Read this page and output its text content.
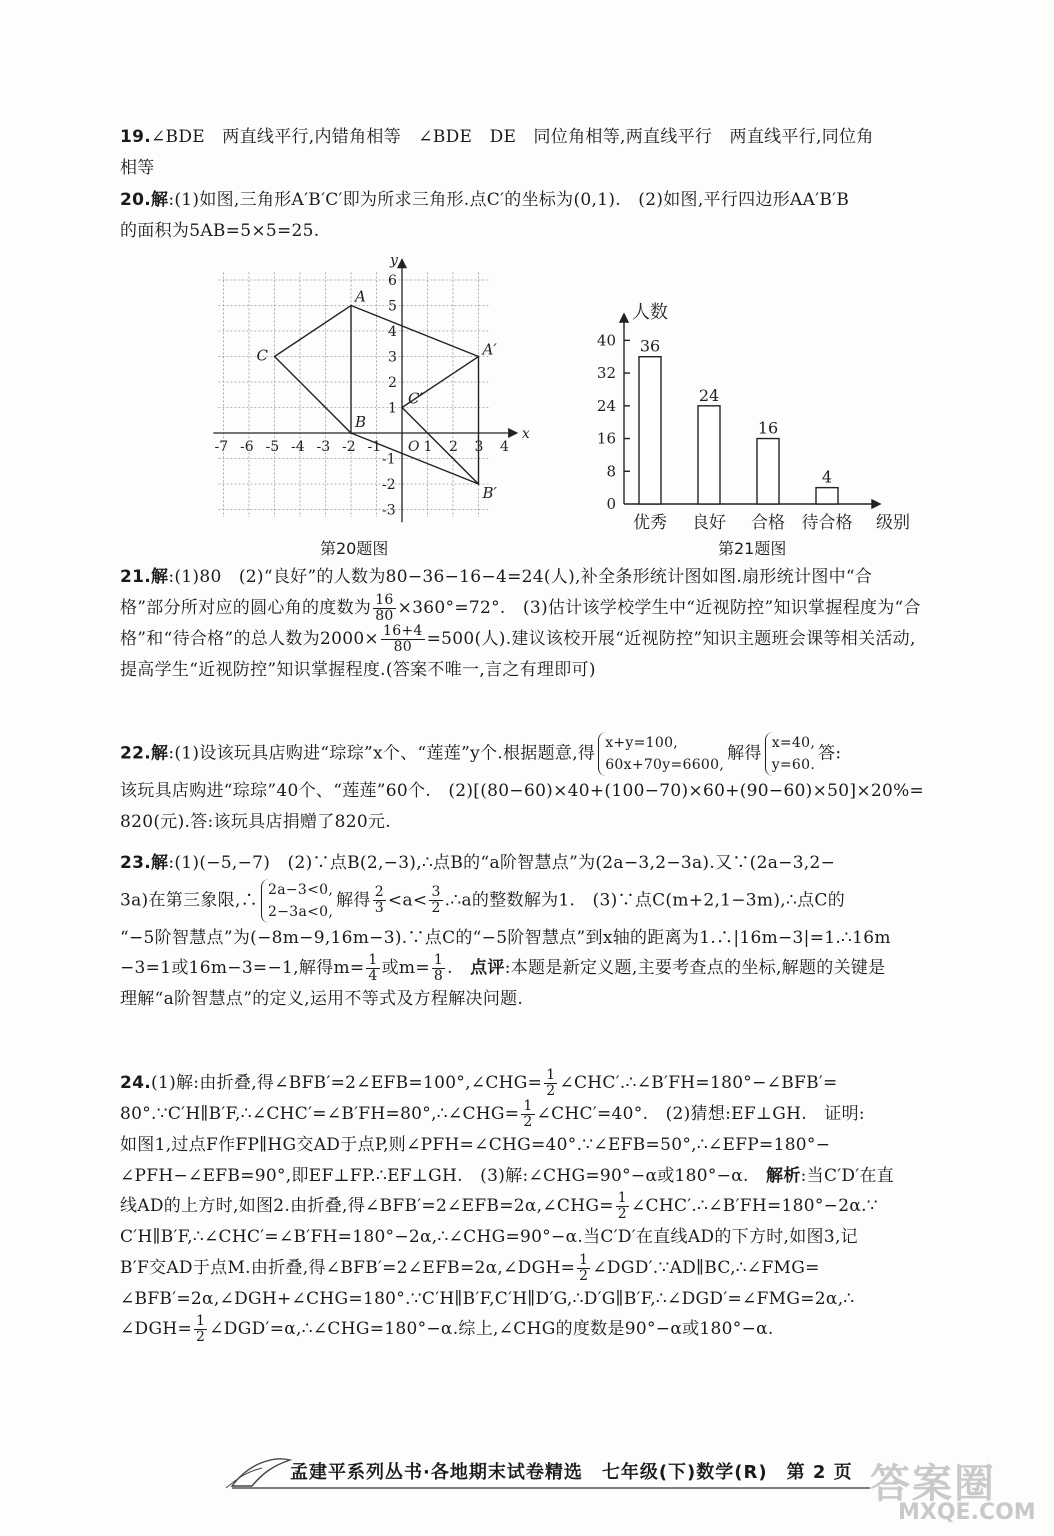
19.∠BDE　两直线平行,内错角相等　∠BDE　DE　同位角相等,两直线平行　两直线平行,同位角
相等
20.解:(1)如图,三角形A′B′C′即为所求三角形.点C′的坐标为(0,1).　(2)如图,平行四边形AA′B′B
的面积为5AB=5×5=25.
-7 -6 -5 -4 -3 -2 -1	1 2 3 4
6
5
4
3
2
1
-1
-2
-3
x
y
O
A
B
C	A′
B′
C′
第20题图
0
8
16
24
32
40 36
24
16
4
优秀 良好 合格 待合格
人数
级别
第21题图
21.解:(1)80　(2)“良好”的人数为80−36−16−4=24(人),补全条形统计图如图.扇形统计图中“合
格”部分所对应的圆心角的度数为 $\frac{16}{80} \times 360^\circ=72^\circ$.　(3)估计该学校学生中“近视防控”知识掌握程度为“合
格”和“待合格”的总人数为$2000\times \frac{16+4}{80} =500$(人).建议该校开展“近视防控”知识主题班会课等相关活动,
提高学生“近视防控”知识掌握程度.(答案不唯一,言之有理即可)
22.解:(1)设该玩具店购进“琮琮”x个、“莲莲”y个.根据题意,得
x+y=100,
60x+70y=6600,
解得
x=40,
y=60.
答:
该玩具店购进“琮琮”40个、“莲莲”60个.　(2)[(80−60)×40+(100−70)×60+(90−60)×50]×20%=
820(元).答:该玩具店捐赠了820元.
23.解:(1)(−5,−7)　(2)∵点B(2,−3),∴点B的“a阶智慧点”为(2a−3,2−3a).又∵(2a−3,2−
3a)在第三象限,∴
2a−3<0,
2−3a<0,
解得 $\frac{2}{3} <a< \frac{3}{2}$ .∴a的整数解为1.　(3)∵点C(m+2,1−3m),∴点C的
“−5阶智慧点”为(−8m−9,16m−3).∵点C的“−5阶智慧点”到x轴的距离为1.∴|16m−3|=1.∴16m
−3=1或16m−3=−1,解得$m= \frac{1}{4}$ 或$m= \frac{1}{8}$ .　点评:本题是新定义题,主要考查点的坐标,解题的关键是
理解“a阶智慧点”的定义,运用不等式及方程解决问题.
24.(1)解:由折叠,得∠BFB′=2∠EFB=100°,∠CHG= $\frac{1}{2}$ ∠CHC′.∴∠B′FH=180°−∠BFB′=
80°.∵C′H∥B′F,∴∠CHC′=∠B′FH=80°,∴∠CHG= $\frac{1}{2}$ ∠CHC′=40°.　(2)猜想:EF⊥GH.　证明:
如图1,过点F作FP∥HG交AD于点P,则∠PFH=∠CHG=40°.∵∠EFB=50°,∴∠EFP=180°−
∠PFH−∠EFB=90°,即EF⊥FP.∴EF⊥GH.　(3)解:∠CHG=90°−α或180°−α.　解析:当C′D′在直
线AD的上方时,如图2.由折叠,得∠BFB′=2∠EFB=2α,∠CHG= $\frac{1}{2}$ ∠CHC′.∴∠B′FH=180°−2α.∵
C′H∥B′F,∴∠CHC′=∠B′FH=180°−2α,∴∠CHG=90°−α.当C′D′在直线AD的下方时,如图3,记
B′F交AD于点M.由折叠,得∠BFB′=2∠EFB=2α,∠DGH= $\frac{1}{2}$ ∠DGD′.∵AD∥BC,∴∠FMG=
∠BFB′=2α,∠DGH+∠CHG=180°.∵C′H∥B′F,C′H∥D′G,∴D′G∥B′F,∴∠DGD′=∠FMG=2α,∴
∠DGH= $\frac{1}{2}$ ∠DGD′=α,∴∠CHG=180°−α.综上,∠CHG的度数是90°−α或180°−α.
孟建平系列丛书·各地期末试卷精选　七年级(下)数学(R)　第 2 页 答案圈
MXQE.COM
